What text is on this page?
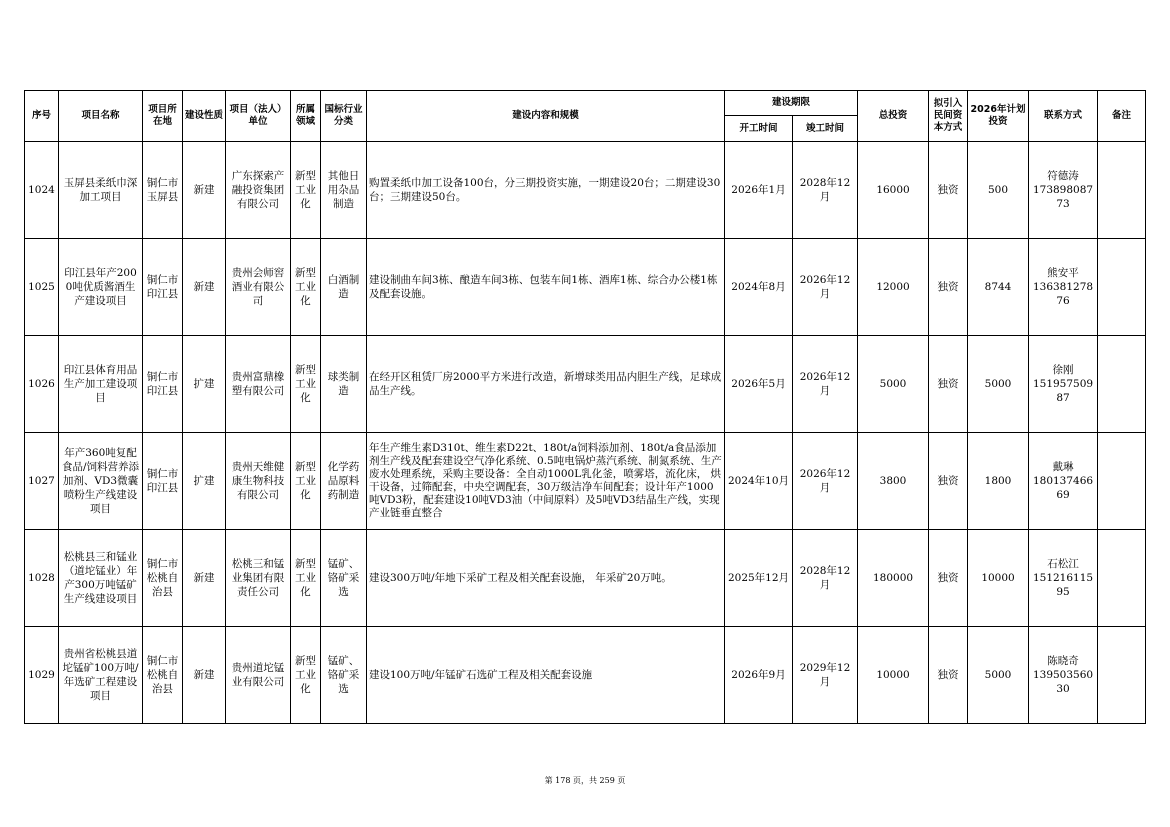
序号	项目名称	项目所在地	建设性质	项目（法人）单位	所属领域	国标行业分类	建设内容和规模	建设期限		总投资	拟引入民间资本方式	2026年计划投资	联系方式	备注
								开工时间	竣工时间					
1024	玉屏县柔纸巾深加工项目	铜仁市玉屏县	新建	广东探索产融投资集团有限公司	新型工业化	其他日用杂品制造	购置柔纸巾加工设备100台，分三期投资实施，一期建设20台；二期建设30台；三期建设50台。	2026年1月	2028年12月	16000	独资	500	符德涛
17389808773	
1025	印江县年产2000吨优质酱酒生产建设项目	铜仁市印江县	新建	贵州会师窖酒业有限公司	新型工业化	白酒制造	建设制曲车间3栋、酿造车间3栋、包装车间1栋、酒库1栋、综合办公楼1栋及配套设施。	2024年8月	2026年12月	12000	独资	8744	熊安平
13638127876	
1026	印江县体育用品生产加工建设项目	铜仁市印江县	扩建	贵州富鼎橡塑有限公司	新型工业化	球类制造	在经开区租赁厂房2000平方米进行改造，新增球类用品内胆生产线，足球成品生产线。	2026年5月	2026年12月	5000	独资	5000	徐刚
15195750987	
1027	年产360吨复配食品/饲料营养添加剂、VD3微囊喷粉生产线建设项目	铜仁市印江县	扩建	贵州天维健康生物科技有限公司	新型工业化	化学药品原料药制造	年生产维生素D310t、维生素D22t、180t/a饲料添加剂、180t/a食品添加剂生产线及配套建设空气净化系统、0.5吨电锅炉蒸汽系统、制氮系统、生产废水处理系统，采购主要设备：全自动1000L乳化釜，喷雾塔，流化床， 烘干设备，过筛配套，中央空调配套，30万级洁净车间配套；设计年产1000吨VD3粉，配套建设10吨VD3油（中间原料）及5吨VD3结晶生产线，实现产业链垂直整合	2024年10月	2026年12月	3800	独资	1800	戴琳
18013746669	
1028	松桃县三和锰业（道坨锰业）年产300万吨锰矿生产线建设项目	铜仁市松桃自治县	新建	松桃三和锰业集团有限责任公司	新型工业化	锰矿、铬矿采选	建设300万吨/年地下采矿工程及相关配套设施， 年采矿20万吨。	2025年12月	2028年12月	180000	独资	10000	石松江
15121611595	
1029	贵州省松桃县道坨锰矿100万吨/年选矿工程建设项目	铜仁市松桃自治县	新建	贵州道坨锰业有限公司	新型工业化	锰矿、铬矿采选	建设100万吨/年锰矿石选矿工程及相关配套设施	2026年9月	2029年12月	10000	独资	5000	陈晓奇
13950356030	
第 178 页，共 259 页
